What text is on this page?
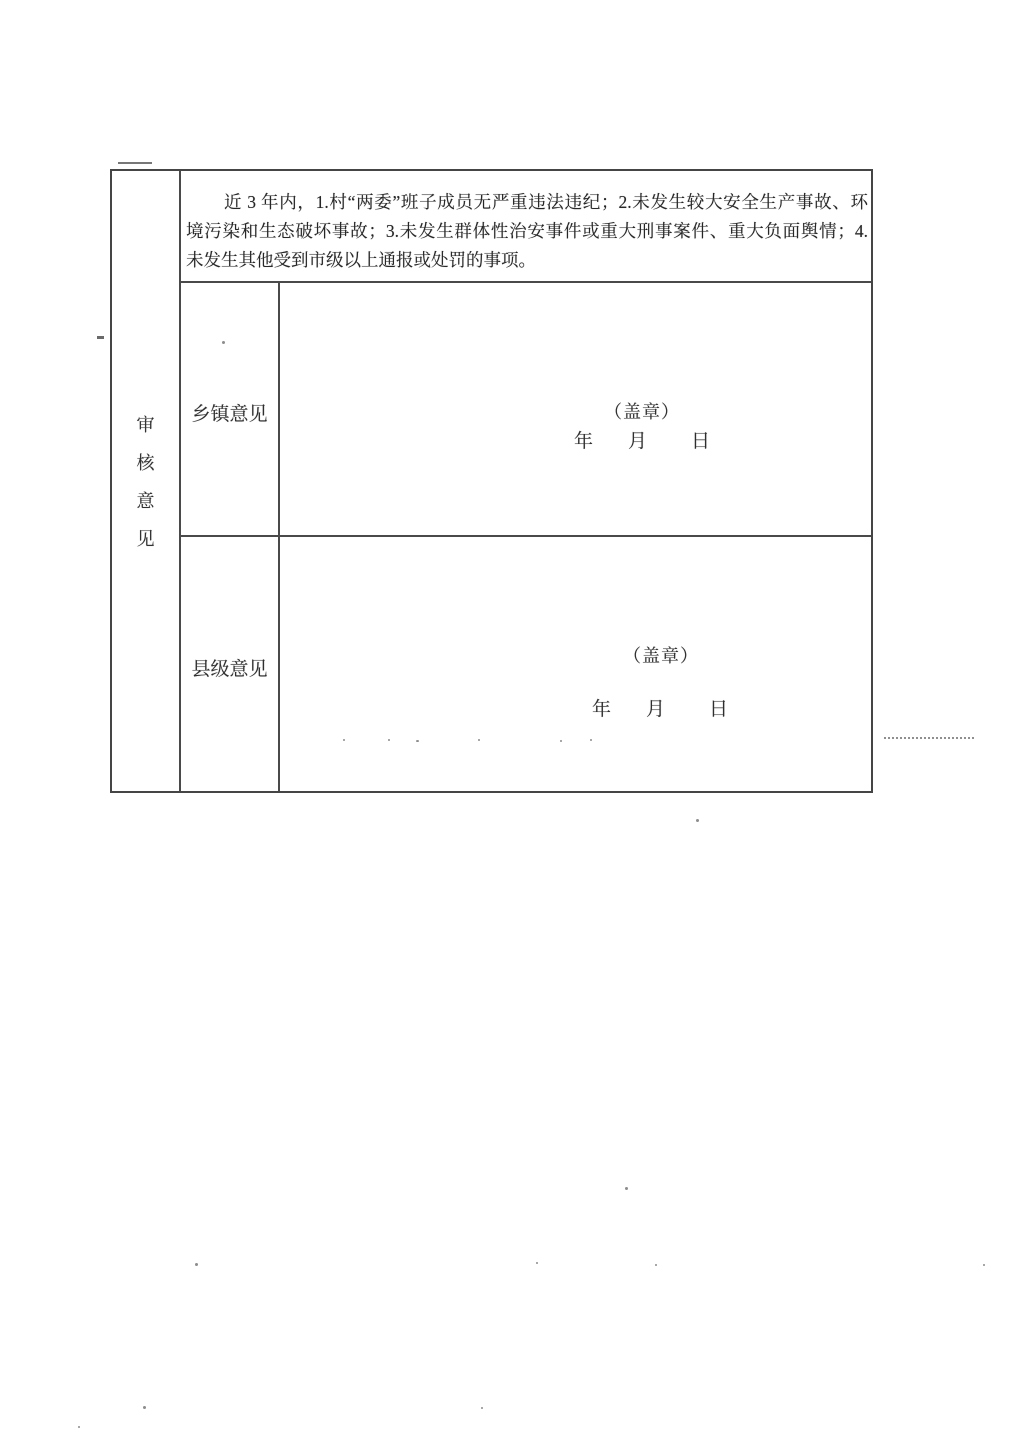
审
核
意
见
近 3 年内，1.村“两委”班子成员无严重违法违纪；2.未发生较大安全生产事故、环
境污染和生态破坏事故；3.未发生群体性治安事件或重大刑事案件、重大负面舆情；4.
未发生其他受到市级以上通报或处罚的事项。
乡镇意见	（盖章）
年 月 日
县级意见
（盖章）
年 月 日
